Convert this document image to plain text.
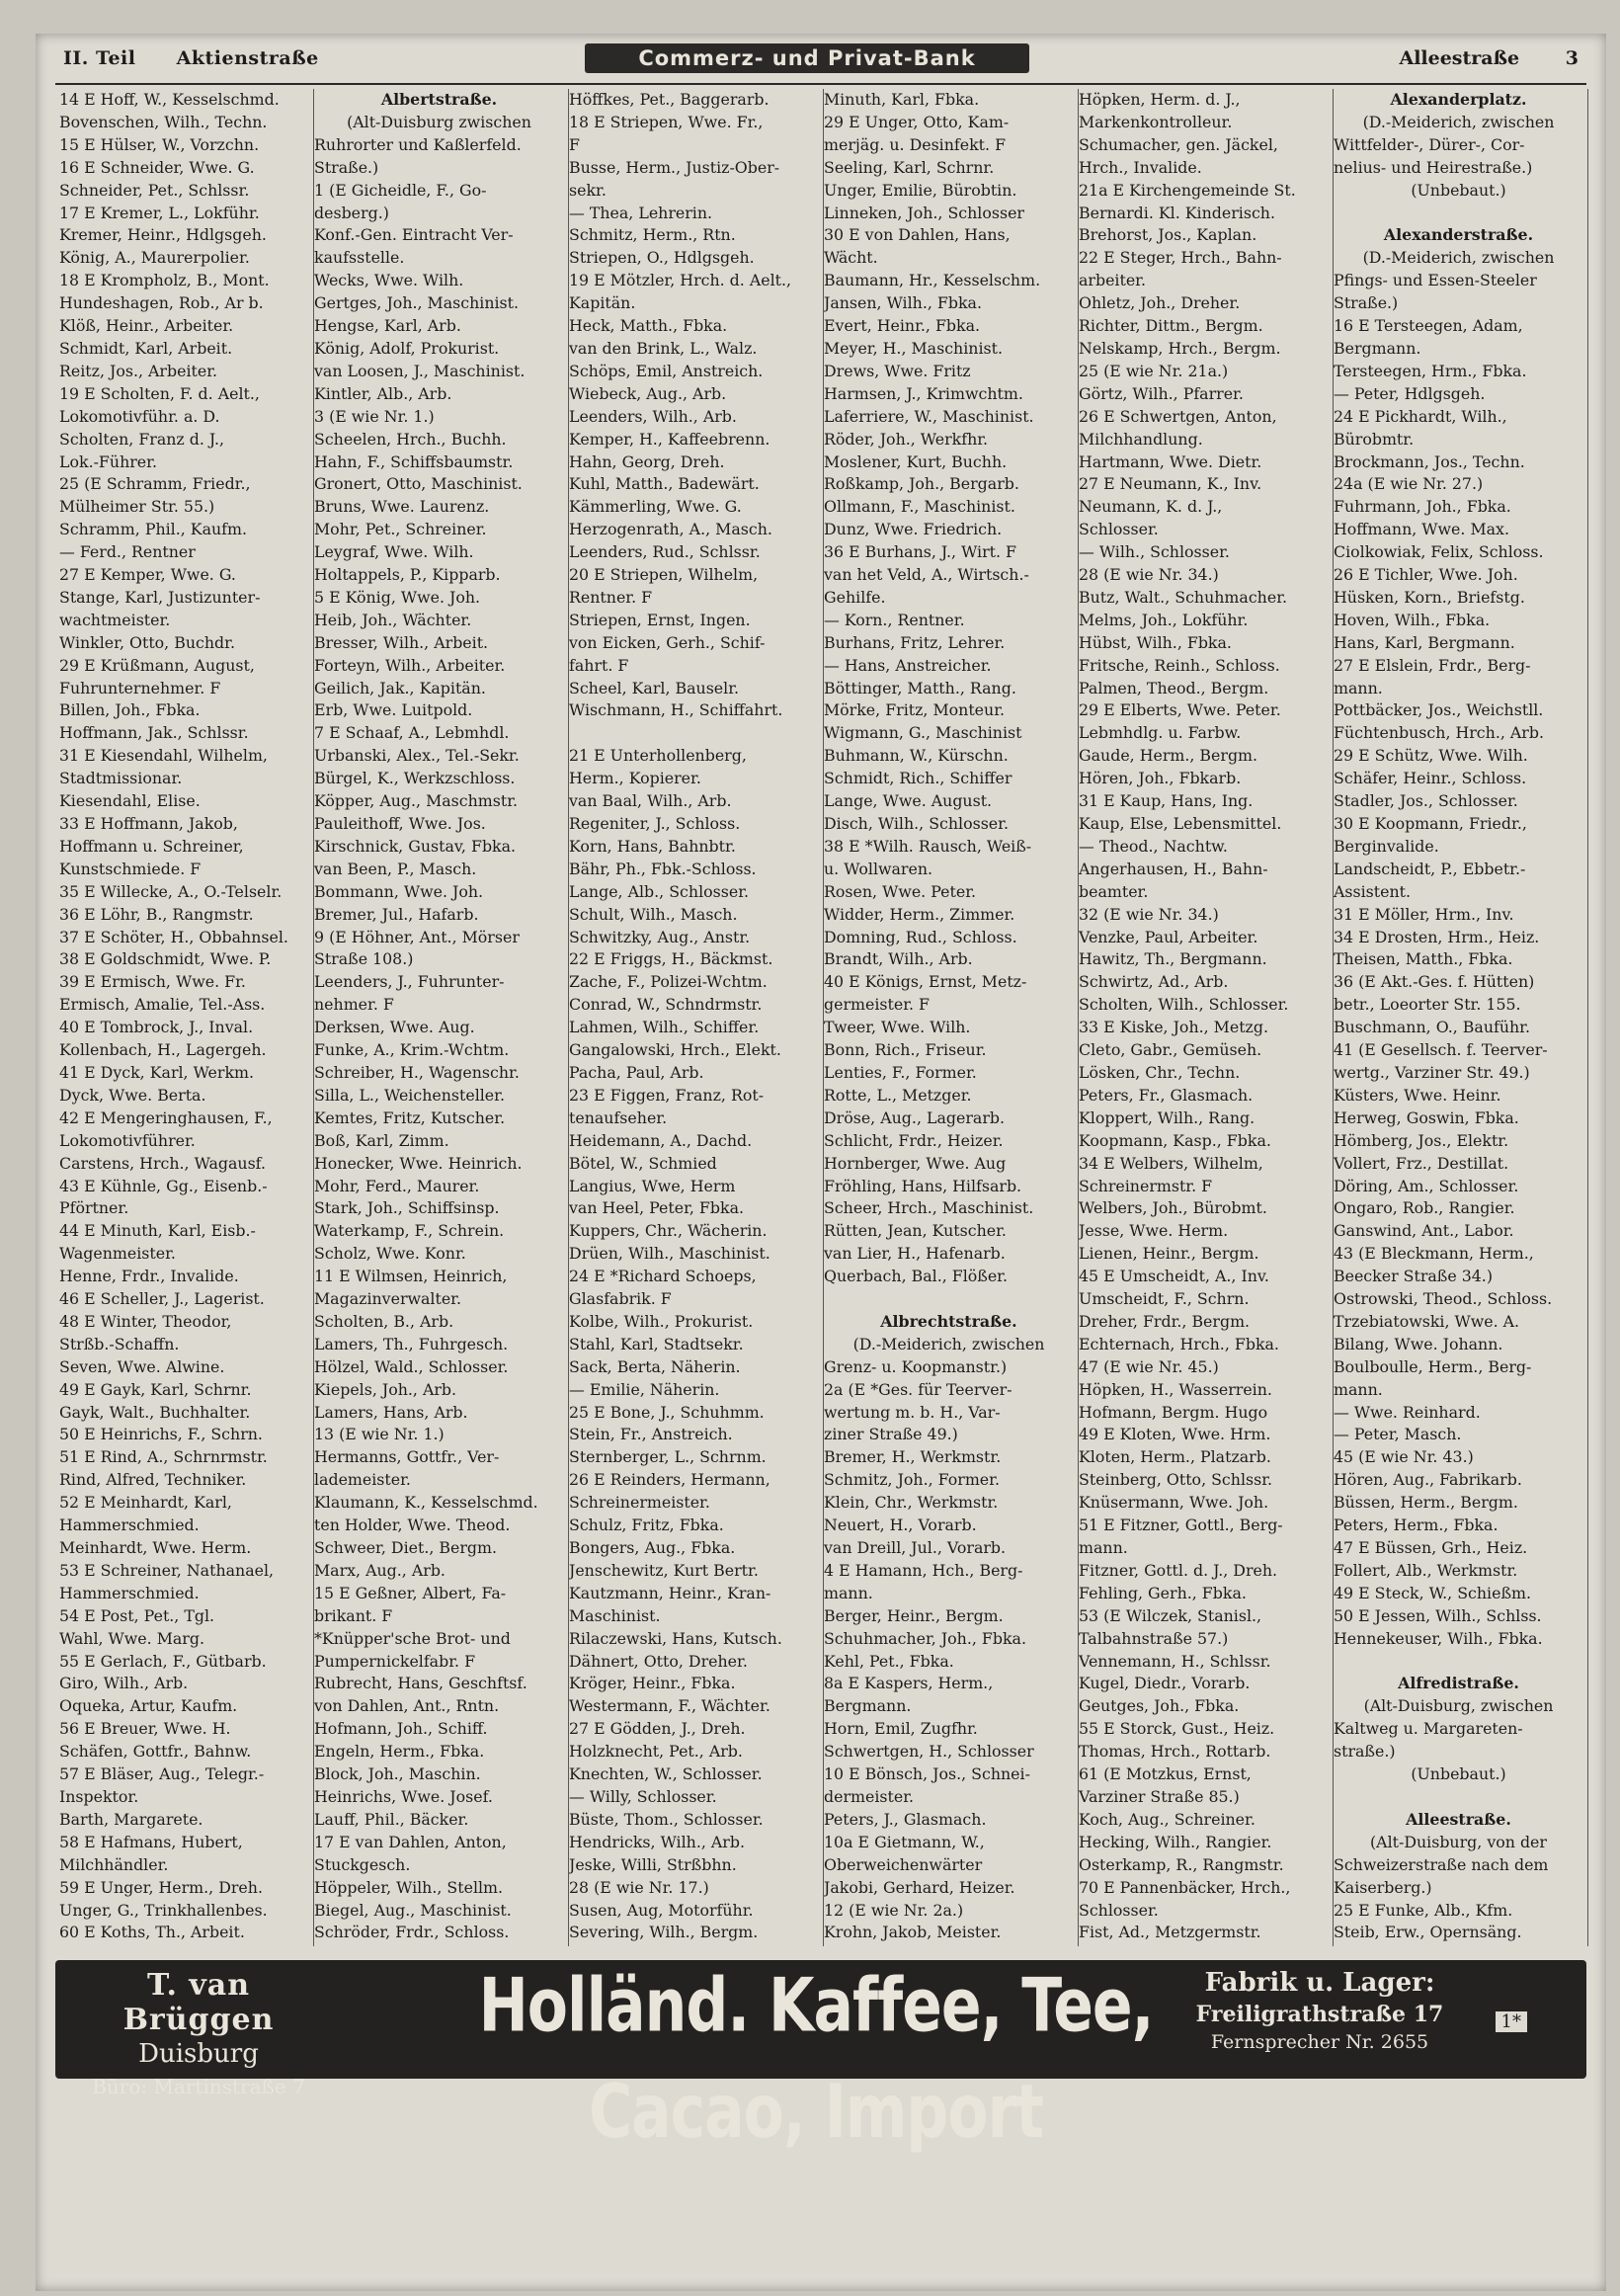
II. Teil Aktienstraße	Commerz- und Privat-Bank	Alleestraße 3
14 E Hoff, W., Kesselschmd.
Bovenschen, Wilh., Techn.
15 E Hülser, W., Vorzchn.
16 E Schneider, Wwe. G.
Schneider, Pet., Schlssr.
17 E Kremer, L., Lokführ.
Kremer, Heinr., Hdlgsgeh.
König, A., Maurerpolier.
18 E Krompholz, B., Mont.
Hundeshagen, Rob., Ar b.
Klöß, Heinr., Arbeiter.
Schmidt, Karl, Arbeit.
Reitz, Jos., Arbeiter.
19 E Scholten, F. d. Aelt.,
Lokomotivführ. a. D.
Scholten, Franz d. J.,
Lok.-Führer.
25 (E Schramm, Friedr.,
Mülheimer Str. 55.)
Schramm, Phil., Kaufm.
— Ferd., Rentner
27 E Kemper, Wwe. G.
Stange, Karl, Justizunter-
wachtmeister.
Winkler, Otto, Buchdr.
29 E Krüßmann, August,
Fuhrunternehmer. F
Billen, Joh., Fbka.
Hoffmann, Jak., Schlssr.
31 E Kiesendahl, Wilhelm,
Stadtmissionar.
Kiesendahl, Elise.
33 E Hoffmann, Jakob,
Hoffmann u. Schreiner,
Kunstschmiede. F
35 E Willecke, A., O.-Telselr.
36 E Löhr, B., Rangmstr.
37 E Schöter, H., Obbahnsel.
38 E Goldschmidt, Wwe. P.
39 E Ermisch, Wwe. Fr.
Ermisch, Amalie, Tel.-Ass.
40 E Tombrock, J., Inval.
Kollenbach, H., Lagergeh.
41 E Dyck, Karl, Werkm.
Dyck, Wwe. Berta.
42 E Mengeringhausen, F.,
Lokomotivführer.
Carstens, Hrch., Wagausf.
43 E Kühnle, Gg., Eisenb.-
Pförtner.
44 E Minuth, Karl, Eisb.-
Wagenmeister.
Henne, Frdr., Invalide.
46 E Scheller, J., Lagerist.
48 E Winter, Theodor,
Strßb.-Schaffn.
Seven, Wwe. Alwine.
49 E Gayk, Karl, Schrnr.
Gayk, Walt., Buchhalter.
50 E Heinrichs, F., Schrn.
51 E Rind, A., Schrnrmstr.
Rind, Alfred, Techniker.
52 E Meinhardt, Karl,
Hammerschmied.
Meinhardt, Wwe. Herm.
53 E Schreiner, Nathanael,
Hammerschmied.
54 E Post, Pet., Tgl.
Wahl, Wwe. Marg.
55 E Gerlach, F., Gütbarb.
Giro, Wilh., Arb.
Oqueka, Artur, Kaufm.
56 E Breuer, Wwe. H.
Schäfen, Gottfr., Bahnw.
57 E Bläser, Aug., Telegr.-
Inspektor.
Barth, Margarete.
58 E Hafmans, Hubert,
Milchhändler.
59 E Unger, Herm., Dreh.
Unger, G., Trinkhallenbes.
60 E Koths, Th., Arbeit.
Albertstraße.
(Alt-Duisburg zwischen
Ruhrorter und Kaßlerfeld.
Straße.)
1 (E Gicheidle, F., Go-
desberg.)
Konf.-Gen. Eintracht Ver-
kaufsstelle.
Wecks, Wwe. Wilh.
Gertges, Joh., Maschinist.
Hengse, Karl, Arb.
König, Adolf, Prokurist.
van Loosen, J., Maschinist.
Kintler, Alb., Arb.
3 (E wie Nr. 1.)
Scheelen, Hrch., Buchh.
Hahn, F., Schiffsbaumstr.
Gronert, Otto, Maschinist.
Bruns, Wwe. Laurenz.
Mohr, Pet., Schreiner.
Leygraf, Wwe. Wilh.
Holtappels, P., Kipparb.
5 E König, Wwe. Joh.
Heib, Joh., Wächter.
Bresser, Wilh., Arbeit.
Forteyn, Wilh., Arbeiter.
Geilich, Jak., Kapitän.
Erb, Wwe. Luitpold.
7 E Schaaf, A., Lebmhdl.
Urbanski, Alex., Tel.-Sekr.
Bürgel, K., Werkzschloss.
Köpper, Aug., Maschmstr.
Pauleithoff, Wwe. Jos.
Kirschnick, Gustav, Fbka.
van Been, P., Masch.
Bommann, Wwe. Joh.
Bremer, Jul., Hafarb.
9 (E Höhner, Ant., Mörser
Straße 108.)
Leenders, J., Fuhrunter-
nehmer. F
Derksen, Wwe. Aug.
Funke, A., Krim.-Wchtm.
Schreiber, H., Wagenschr.
Silla, L., Weichensteller.
Kemtes, Fritz, Kutscher.
Boß, Karl, Zimm.
Honecker, Wwe. Heinrich.
Mohr, Ferd., Maurer.
Stark, Joh., Schiffsinsp.
Waterkamp, F., Schrein.
Scholz, Wwe. Konr.
11 E Wilmsen, Heinrich,
Magazinverwalter.
Scholten, B., Arb.
Lamers, Th., Fuhrgesch.
Hölzel, Wald., Schlosser.
Kiepels, Joh., Arb.
Lamers, Hans, Arb.
13 (E wie Nr. 1.)
Hermanns, Gottfr., Ver-
lademeister.
Klaumann, K., Kesselschmd.
ten Holder, Wwe. Theod.
Schweer, Diet., Bergm.
Marx, Aug., Arb.
15 E Geßner, Albert, Fa-
brikant. F
*Knüpper'sche Brot- und
Pumpernickelfabr. F
Rubrecht, Hans, Geschftsf.
von Dahlen, Ant., Rntn.
Hofmann, Joh., Schiff.
Engeln, Herm., Fbka.
Block, Joh., Maschin.
Heinrichs, Wwe. Josef.
Lauff, Phil., Bäcker.
17 E van Dahlen, Anton,
Stuckgesch.
Höppeler, Wilh., Stellm.
Biegel, Aug., Maschinist.
Schröder, Frdr., Schloss.
Höffkes, Pet., Baggerarb.
18 E Striepen, Wwe. Fr.,
F
Busse, Herm., Justiz-Ober-
sekr.
— Thea, Lehrerin.
Schmitz, Herm., Rtn.
Striepen, O., Hdlgsgeh.
19 E Mötzler, Hrch. d. Aelt.,
Kapitän.
Heck, Matth., Fbka.
van den Brink, L., Walz.
Schöps, Emil, Anstreich.
Wiebeck, Aug., Arb.
Leenders, Wilh., Arb.
Kemper, H., Kaffeebrenn.
Hahn, Georg, Dreh.
Kuhl, Matth., Badewärt.
Kämmerling, Wwe. G.
Herzogenrath, A., Masch.
Leenders, Rud., Schlssr.
20 E Striepen, Wilhelm,
Rentner. F
Striepen, Ernst, Ingen.
von Eicken, Gerh., Schif-
fahrt. F
Scheel, Karl, Bauselr.
Wischmann, H., Schiffahrt.

21 E Unterhollenberg,
Herm., Kopierer.
van Baal, Wilh., Arb.
Regeniter, J., Schloss.
Korn, Hans, Bahnbtr.
Bähr, Ph., Fbk.-Schloss.
Lange, Alb., Schlosser.
Schult, Wilh., Masch.
Schwitzky, Aug., Anstr.
22 E Friggs, H., Bäckmst.
Zache, F., Polizei-Wchtm.
Conrad, W., Schndrmstr.
Lahmen, Wilh., Schiffer.
Gangalowski, Hrch., Elekt.
Pacha, Paul, Arb.
23 E Figgen, Franz, Rot-
tenaufseher.
Heidemann, A., Dachd.
Bötel, W., Schmied
Langius, Wwe, Herm
van Heel, Peter, Fbka.
Kuppers, Chr., Wächerin.
Drüen, Wilh., Maschinist.
24 E *Richard Schoeps,
Glasfabrik. F
Kolbe, Wilh., Prokurist.
Stahl, Karl, Stadtsekr.
Sack, Berta, Näherin.
— Emilie, Näherin.
25 E Bone, J., Schuhmm.
Stein, Fr., Anstreich.
Sternberger, L., Schrnm.
26 E Reinders, Hermann,
Schreinermeister.
Schulz, Fritz, Fbka.
Bongers, Aug., Fbka.
Jenschewitz, Kurt Bertr.
Kautzmann, Heinr., Kran-
Maschinist.
Rilaczewski, Hans, Kutsch.
Dähnert, Otto, Dreher.
Kröger, Heinr., Fbka.
Westermann, F., Wächter.
27 E Gödden, J., Dreh.
Holzknecht, Pet., Arb.
Knechten, W., Schlosser.
— Willy, Schlosser.
Büste, Thom., Schlosser.
Hendricks, Wilh., Arb.
Jeske, Willi, Strßbhn.
28 (E wie Nr. 17.)
Susen, Aug, Motorführ.
Severing, Wilh., Bergm.
Minuth, Karl, Fbka.
29 E Unger, Otto, Kam-
merjäg. u. Desinfekt. F
Seeling, Karl, Schrnr.
Unger, Emilie, Bürobtin.
Linneken, Joh., Schlosser
30 E von Dahlen, Hans,
Wächt.
Baumann, Hr., Kesselschm.
Jansen, Wilh., Fbka.
Evert, Heinr., Fbka.
Meyer, H., Maschinist.
Drews, Wwe. Fritz
Harmsen, J., Krimwchtm.
Laferriere, W., Maschinist.
Röder, Joh., Werkfhr.
Moslener, Kurt, Buchh.
Roßkamp, Joh., Bergarb.
Ollmann, F., Maschinist.
Dunz, Wwe. Friedrich.
36 E Burhans, J., Wirt. F
van het Veld, A., Wirtsch.-
Gehilfe.
— Korn., Rentner.
Burhans, Fritz, Lehrer.
— Hans, Anstreicher.
Böttinger, Matth., Rang.
Mörke, Fritz, Monteur.
Wigmann, G., Maschinist
Buhmann, W., Kürschn.
Schmidt, Rich., Schiffer
Lange, Wwe. August.
Disch, Wilh., Schlosser.
38 E *Wilh. Rausch, Weiß-
u. Wollwaren.
Rosen, Wwe. Peter.
Widder, Herm., Zimmer.
Domning, Rud., Schloss.
Brandt, Wilh., Arb.
40 E Königs, Ernst, Metz-
germeister. F
Tweer, Wwe. Wilh.
Bonn, Rich., Friseur.
Lenties, F., Former.
Rotte, L., Metzger.
Dröse, Aug., Lagerarb.
Schlicht, Frdr., Heizer.
Hornberger, Wwe. Aug
Fröhling, Hans, Hilfsarb.
Scheer, Hrch., Maschinist.
Rütten, Jean, Kutscher.
van Lier, H., Hafenarb.
Querbach, Bal., Flößer.

Albrechtstraße.
(D.-Meiderich, zwischen
Grenz- u. Koopmanstr.)
2a (E *Ges. für Teerver-
wertung m. b. H., Var-
ziner Straße 49.)
Bremer, H., Werkmstr.
Schmitz, Joh., Former.
Klein, Chr., Werkmstr.
Neuert, H., Vorarb.
van Dreill, Jul., Vorarb.
4 E Hamann, Hch., Berg-
mann.
Berger, Heinr., Bergm.
Schuhmacher, Joh., Fbka.
Kehl, Pet., Fbka.
8a E Kaspers, Herm.,
Bergmann.
Horn, Emil, Zugfhr.
Schwertgen, H., Schlosser
10 E Bönsch, Jos., Schnei-
dermeister.
Peters, J., Glasmach.
10a E Gietmann, W.,
Oberweichenwärter
Jakobi, Gerhard, Heizer.
12 (E wie Nr. 2a.)
Krohn, Jakob, Meister.
Höpken, Herm. d. J.,
Markenkontrolleur.
Schumacher, gen. Jäckel,
Hrch., Invalide.
21a E Kirchengemeinde St.
Bernardi. Kl. Kinderisch.
Brehorst, Jos., Kaplan.
22 E Steger, Hrch., Bahn-
arbeiter.
Ohletz, Joh., Dreher.
Richter, Dittm., Bergm.
Nelskamp, Hrch., Bergm.
25 (E wie Nr. 21a.)
Görtz, Wilh., Pfarrer.
26 E Schwertgen, Anton,
Milchhandlung.
Hartmann, Wwe. Dietr.
27 E Neumann, K., Inv.
Neumann, K. d. J.,
Schlosser.
— Wilh., Schlosser.
28 (E wie Nr. 34.)
Butz, Walt., Schuhmacher.
Melms, Joh., Lokführ.
Hübst, Wilh., Fbka.
Fritsche, Reinh., Schloss.
Palmen, Theod., Bergm.
29 E Elberts, Wwe. Peter.
Lebmhdlg. u. Farbw.
Gaude, Herm., Bergm.
Hören, Joh., Fbkarb.
31 E Kaup, Hans, Ing.
Kaup, Else, Lebensmittel.
— Theod., Nachtw.
Angerhausen, H., Bahn-
beamter.
32 (E wie Nr. 34.)
Venzke, Paul, Arbeiter.
Hawitz, Th., Bergmann.
Schwirtz, Ad., Arb.
Scholten, Wilh., Schlosser.
33 E Kiske, Joh., Metzg.
Cleto, Gabr., Gemüseh.
Lösken, Chr., Techn.
Peters, Fr., Glasmach.
Kloppert, Wilh., Rang.
Koopmann, Kasp., Fbka.
34 E Welbers, Wilhelm,
Schreinermstr. F
Welbers, Joh., Bürobmt.
Jesse, Wwe. Herm.
Lienen, Heinr., Bergm.
45 E Umscheidt, A., Inv.
Umscheidt, F., Schrn.
Dreher, Frdr., Bergm.
Echternach, Hrch., Fbka.
47 (E wie Nr. 45.)
Höpken, H., Wasserrein.
Hofmann, Bergm. Hugo
49 E Kloten, Wwe. Hrm.
Kloten, Herm., Platzarb.
Steinberg, Otto, Schlssr.
Knüsermann, Wwe. Joh.
51 E Fitzner, Gottl., Berg-
mann.
Fitzner, Gottl. d. J., Dreh.
Fehling, Gerh., Fbka.
53 (E Wilczek, Stanisl.,
Talbahnstraße 57.)
Vennemann, H., Schlssr.
Kugel, Diedr., Vorarb.
Geutges, Joh., Fbka.
55 E Storck, Gust., Heiz.
Thomas, Hrch., Rottarb.
61 (E Motzkus, Ernst,
Varziner Straße 85.)
Koch, Aug., Schreiner.
Hecking, Wilh., Rangier.
Osterkamp, R., Rangmstr.
70 E Pannenbäcker, Hrch.,
Schlosser.
Fist, Ad., Metzgermstr.
Alexanderplatz.
(D.-Meiderich, zwischen
Wittfelder-, Dürer-, Cor-
nelius- und Heirestraße.)
(Unbebaut.)

Alexanderstraße.
(D.-Meiderich, zwischen
Pfings- und Essen-Steeler
Straße.)
16 E Tersteegen, Adam,
Bergmann.
Tersteegen, Hrm., Fbka.
— Peter, Hdlgsgeh.
24 E Pickhardt, Wilh.,
Bürobmtr.
Brockmann, Jos., Techn.
24a (E wie Nr. 27.)
Fuhrmann, Joh., Fbka.
Hoffmann, Wwe. Max.
Ciolkowiak, Felix, Schloss.
26 E Tichler, Wwe. Joh.
Hüsken, Korn., Briefstg.
Hoven, Wilh., Fbka.
Hans, Karl, Bergmann.
27 E Elslein, Frdr., Berg-
mann.
Pottbäcker, Jos., Weichstll.
Füchtenbusch, Hrch., Arb.
29 E Schütz, Wwe. Wilh.
Schäfer, Heinr., Schloss.
Stadler, Jos., Schlosser.
30 E Koopmann, Friedr.,
Berginvalide.
Landscheidt, P., Ebbetr.-
Assistent.
31 E Möller, Hrm., Inv.
34 E Drosten, Hrm., Heiz.
Theisen, Matth., Fbka.
36 (E Akt.-Ges. f. Hütten)
betr., Loeorter Str. 155.
Buschmann, O., Bauführ.
41 (E Gesellsch. f. Teerver-
wertg., Varziner Str. 49.)
Küsters, Wwe. Heinr.
Herweg, Goswin, Fbka.
Hömberg, Jos., Elektr.
Vollert, Frz., Destillat.
Döring, Am., Schlosser.
Ongaro, Rob., Rangier.
Ganswind, Ant., Labor.
43 (E Bleckmann, Herm.,
Beecker Straße 34.)
Ostrowski, Theod., Schloss.
Trzebiatowski, Wwe. A.
Bilang, Wwe. Johann.
Boulboulle, Herm., Berg-
mann.
— Wwe. Reinhard.
— Peter, Masch.
45 (E wie Nr. 43.)
Hören, Aug., Fabrikarb.
Büssen, Herm., Bergm.
Peters, Herm., Fbka.
47 E Büssen, Grh., Heiz.
Follert, Alb., Werkmstr.
49 E Steck, W., Schießm.
50 E Jessen, Wilh., Schlss.
Hennekeuser, Wilh., Fbka.

Alfredistraße.
(Alt-Duisburg, zwischen
Kaltweg u. Margareten-
straße.)
(Unbebaut.)

Alleestraße.
(Alt-Duisburg, von der
Schweizerstraße nach dem
Kaiserberg.)
25 E Funke, Alb., Kfm.
Steib, Erw., Opernsäng.
T. van Brüggen
Duisburg
Büro: Martinstraße 7
Holländ. Kaffee, Tee, Cacao, Import
Fabrik u. Lager:
Freiligrathstraße 17
Fernsprecher Nr. 2655
1*
